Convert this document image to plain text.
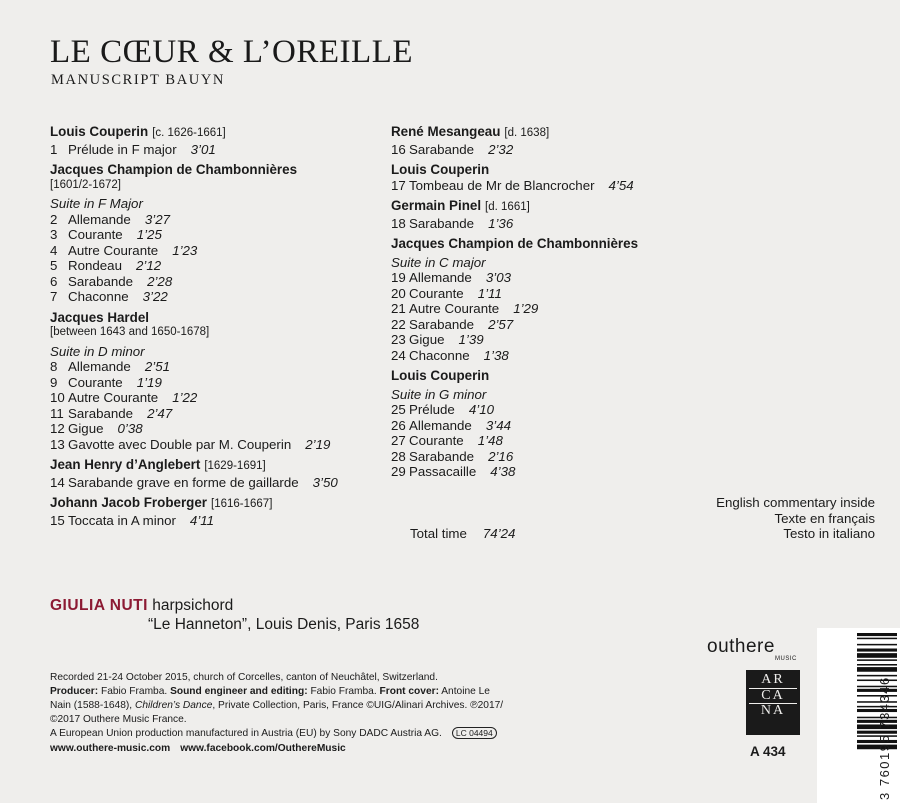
LE CŒUR & L’OREILLE
MANUSCRIPT BAUYN
Louis Couperin [c. 1626-1661]
1 Prélude in F major 3’01
Jacques Champion de Chambonnières
[1601/2-1672]
Suite in F Major
2 Allemande 3’27
3 Courante 1’25
4 Autre Courante 1’23
5 Rondeau 2’12
6 Sarabande 2’28
7 Chaconne 3’22
Jacques Hardel
[between 1643 and 1650-1678]
Suite in D minor
8 Allemande 2’51
9 Courante 1’19
10 Autre Courante 1’22
11 Sarabande 2’47
12 Gigue 0’38
13 Gavotte avec Double par M. Couperin 2’19
Jean Henry d’Anglebert [1629-1691]
14 Sarabande grave en forme de gaillarde 3’50
Johann Jacob Froberger [1616-1667]
15 Toccata in A minor 4’11
René Mesangeau [d. 1638]
16 Sarabande 2’32
Louis Couperin
17 Tombeau de Mr de Blancrocher 4’54
Germain Pinel [d. 1661]
18 Sarabande 1’36
Jacques Champion de Chambonnières
Suite in C major
19 Allemande 3’03
20 Courante 1’11
21 Autre Courante 1’29
22 Sarabande 2’57
23 Gigue 1’39
24 Chaconne 1’38
Louis Couperin
Suite in G minor
25 Prélude 4’10
26 Allemande 3’44
27 Courante 1’48
28 Sarabande 2’16
29 Passacaille 4’38
Total time 74’24
English commentary inside
Texte en français
Testo in italiano
GIULIA NUTI harpsichord
“Le Hanneton”, Louis Denis, Paris 1658
Recorded 21-24 October 2015, church of Corcelles, canton of Neuchâtel, Switzerland.
Producer: Fabio Framba. Sound engineer and editing: Fabio Framba. Front cover: Antoine Le Nain (1588-1648), Children’s Dance, Private Collection, Paris, France ©UIG/Alinari Archives. ℗2017/©2017 Outhere Music France.
A European Union production manufactured in Austria (EU) by Sony DADC Austria AG. LC 04494
www.outhere-music.com www.facebook.com/OuthereMusic
outhere
MUSIC
AR
CA
NA
A 434	3 760195 734346
